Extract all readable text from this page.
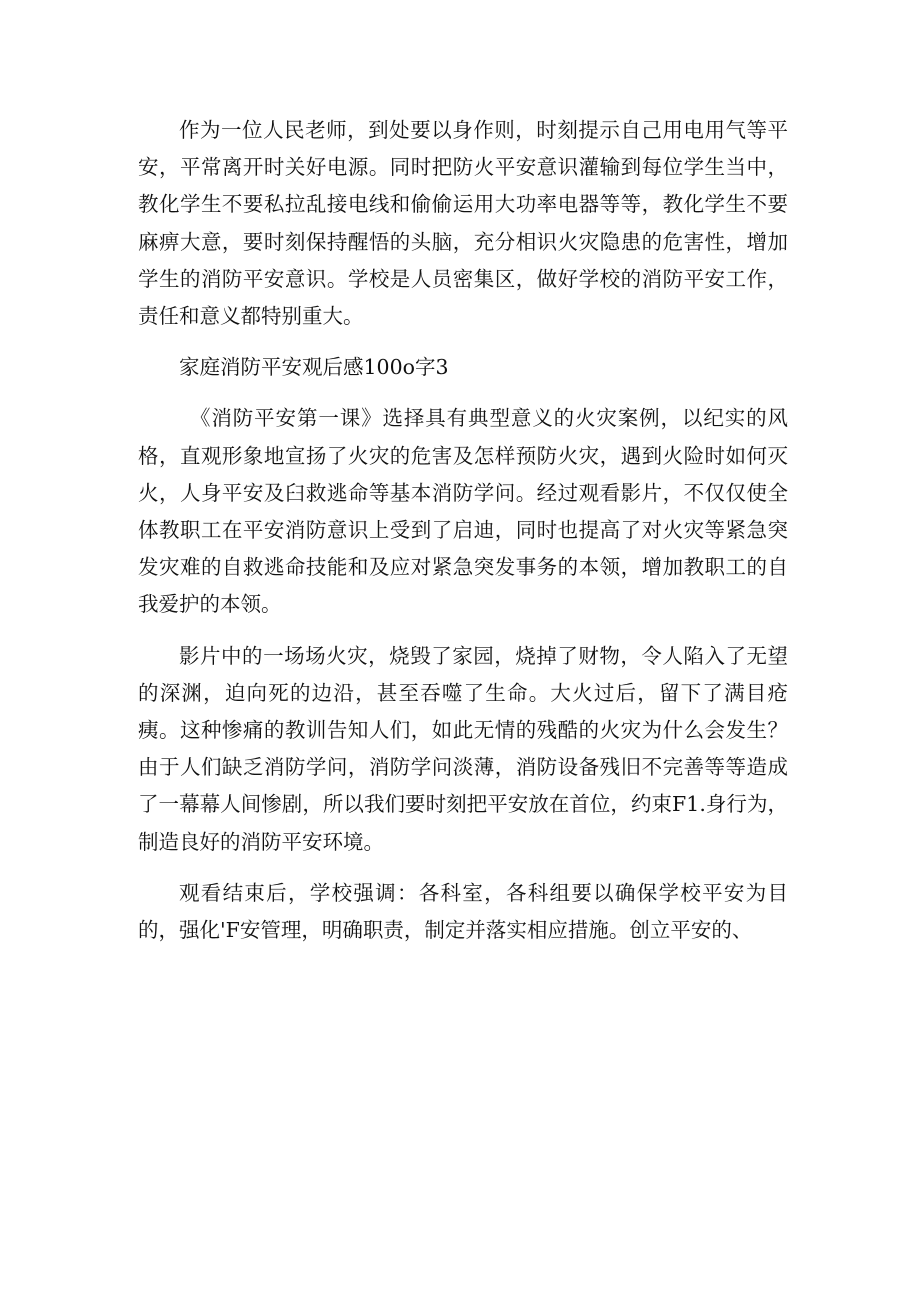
作为一位人民老师，到处要以身作则，时刻提示自己用电用气等平安，平常离开时关好电源。同时把防火平安意识灌输到每位学生当中，教化学生不要私拉乱接电线和偷偷运用大功率电器等等，教化学生不要麻痹大意，要时刻保持醒悟的头脑，充分相识火灾隐患的危害性，增加学生的消防平安意识。学校是人员密集区，做好学校的消防平安工作，责任和意义都特别重大。

家庭消防平安观后感100o字3

《消防平安第一课》选择具有典型意义的火灾案例，以纪实的风格，直观形象地宣扬了火灾的危害及怎样预防火灾，遇到火险时如何灭火，人身平安及臼救逃命等基本消防学问。经过观看影片，不仅仅使全体教职工在平安消防意识上受到了启迪，同时也提高了对火灾等紧急突发灾难的自救逃命技能和及应对紧急突发事务的本领，增加教职工的自我爱护的本领。

影片中的一场场火灾，烧毁了家园，烧掉了财物，令人陷入了无望的深渊，迫向死的边沿，甚至吞噬了生命。大火过后，留下了满目疮痍。这种惨痛的教训告知人们，如此无情的残酷的火灾为什么会发生？由于人们缺乏消防学问，消防学问淡薄，消防设备残旧不完善等等造成了一幕幕人间惨剧，所以我们要时刻把平安放在首位，约束F1.身行为，制造良好的消防平安环境。

观看结束后，学校强调：各科室，各科组要以确保学校平安为目的，强化'F安管理，明确职责，制定并落实相应措施。创立平安的、
